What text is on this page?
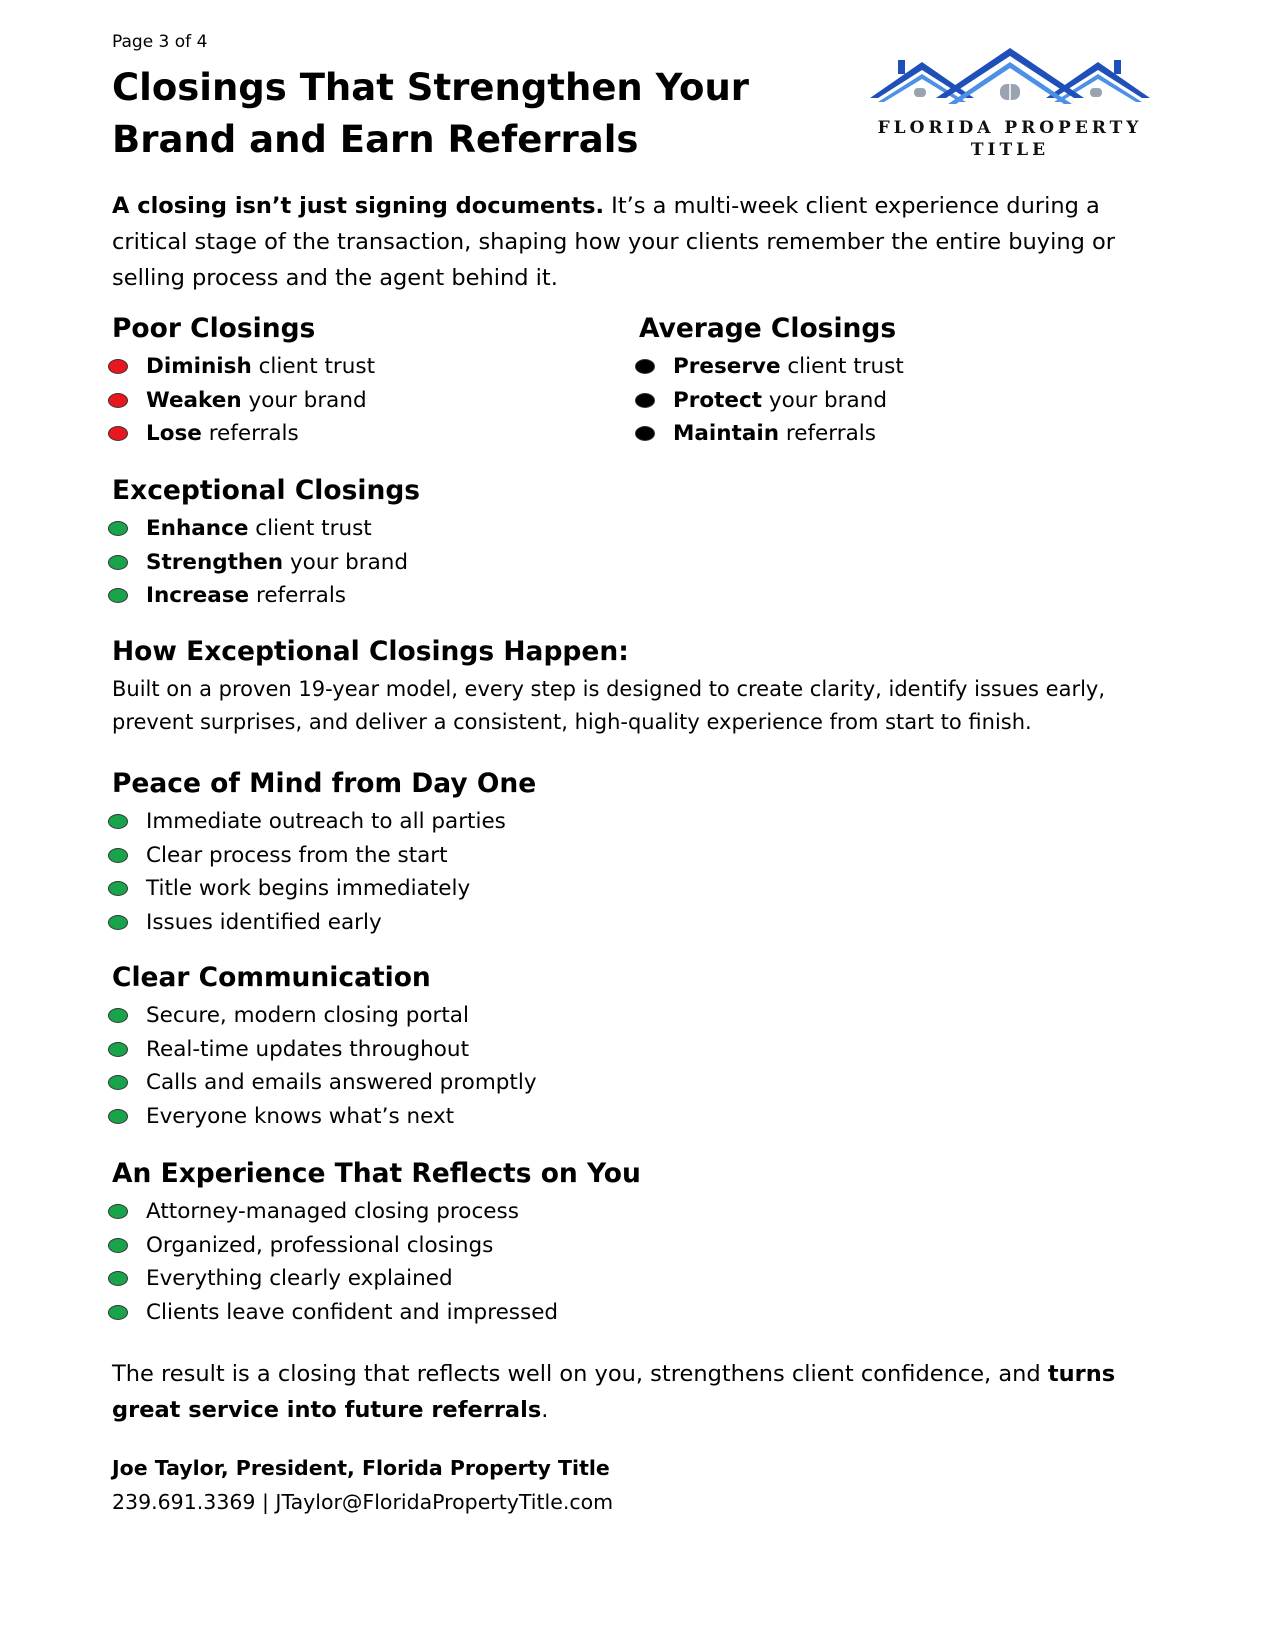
Page 3 of 4
Closings That Strengthen Your
Brand and Earn Referrals	FLORIDA PROPERTY
TITLE

A closing isn’t just signing documents. It’s a multi-week client experience during a critical stage of the transaction, shaping how your clients remember the entire buying or selling process and the agent behind it.

Poor Closings
Diminish client trust
Weaken your brand
Lose referrals
Average Closings
Preserve client trust
Protect your brand
Maintain referrals
Exceptional Closings
Enhance client trust
Strengthen your brand
Increase referrals
How Exceptional Closings Happen:

Built on a proven 19-year model, every step is designed to create clarity, identify issues early, prevent surprises, and deliver a consistent, high-quality experience from start to finish.

Peace of Mind from Day One
Immediate outreach to all parties
Clear process from the start
Title work begins immediately
Issues identified early
Clear Communication
Secure, modern closing portal
Real-time updates throughout
Calls and emails answered promptly
Everyone knows what’s next
An Experience That Reflects on You
Attorney-managed closing process
Organized, professional closings
Everything clearly explained
Clients leave confident and impressed

The result is a closing that reflects well on you, strengthens client confidence, and turns great service into future referrals.

Joe Taylor, President, Florida Property Title
239.691.3369 | JTaylor@FloridaPropertyTitle.com
